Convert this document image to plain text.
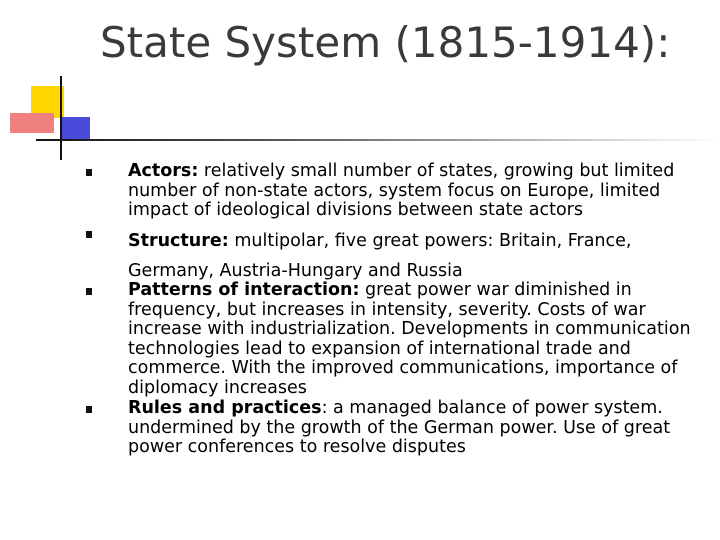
State System (1815-1914):
Actors: relatively small number of states, growing but limited number of non-state actors, system focus on Europe, limited impact of ideological divisions between state actors
Structure: multipolar, five great powers: Britain, France, Germany, Austria-Hungary and Russia
Patterns of interaction: great power war diminished in frequency, but increases in intensity, severity. Costs of war increase with industrialization. Developments in communication technologies lead to expansion of international trade and commerce. With the improved communications, importance of diplomacy increases
Rules and practices: a managed balance of power system. undermined by the growth of the German power. Use of great power conferences to resolve disputes
